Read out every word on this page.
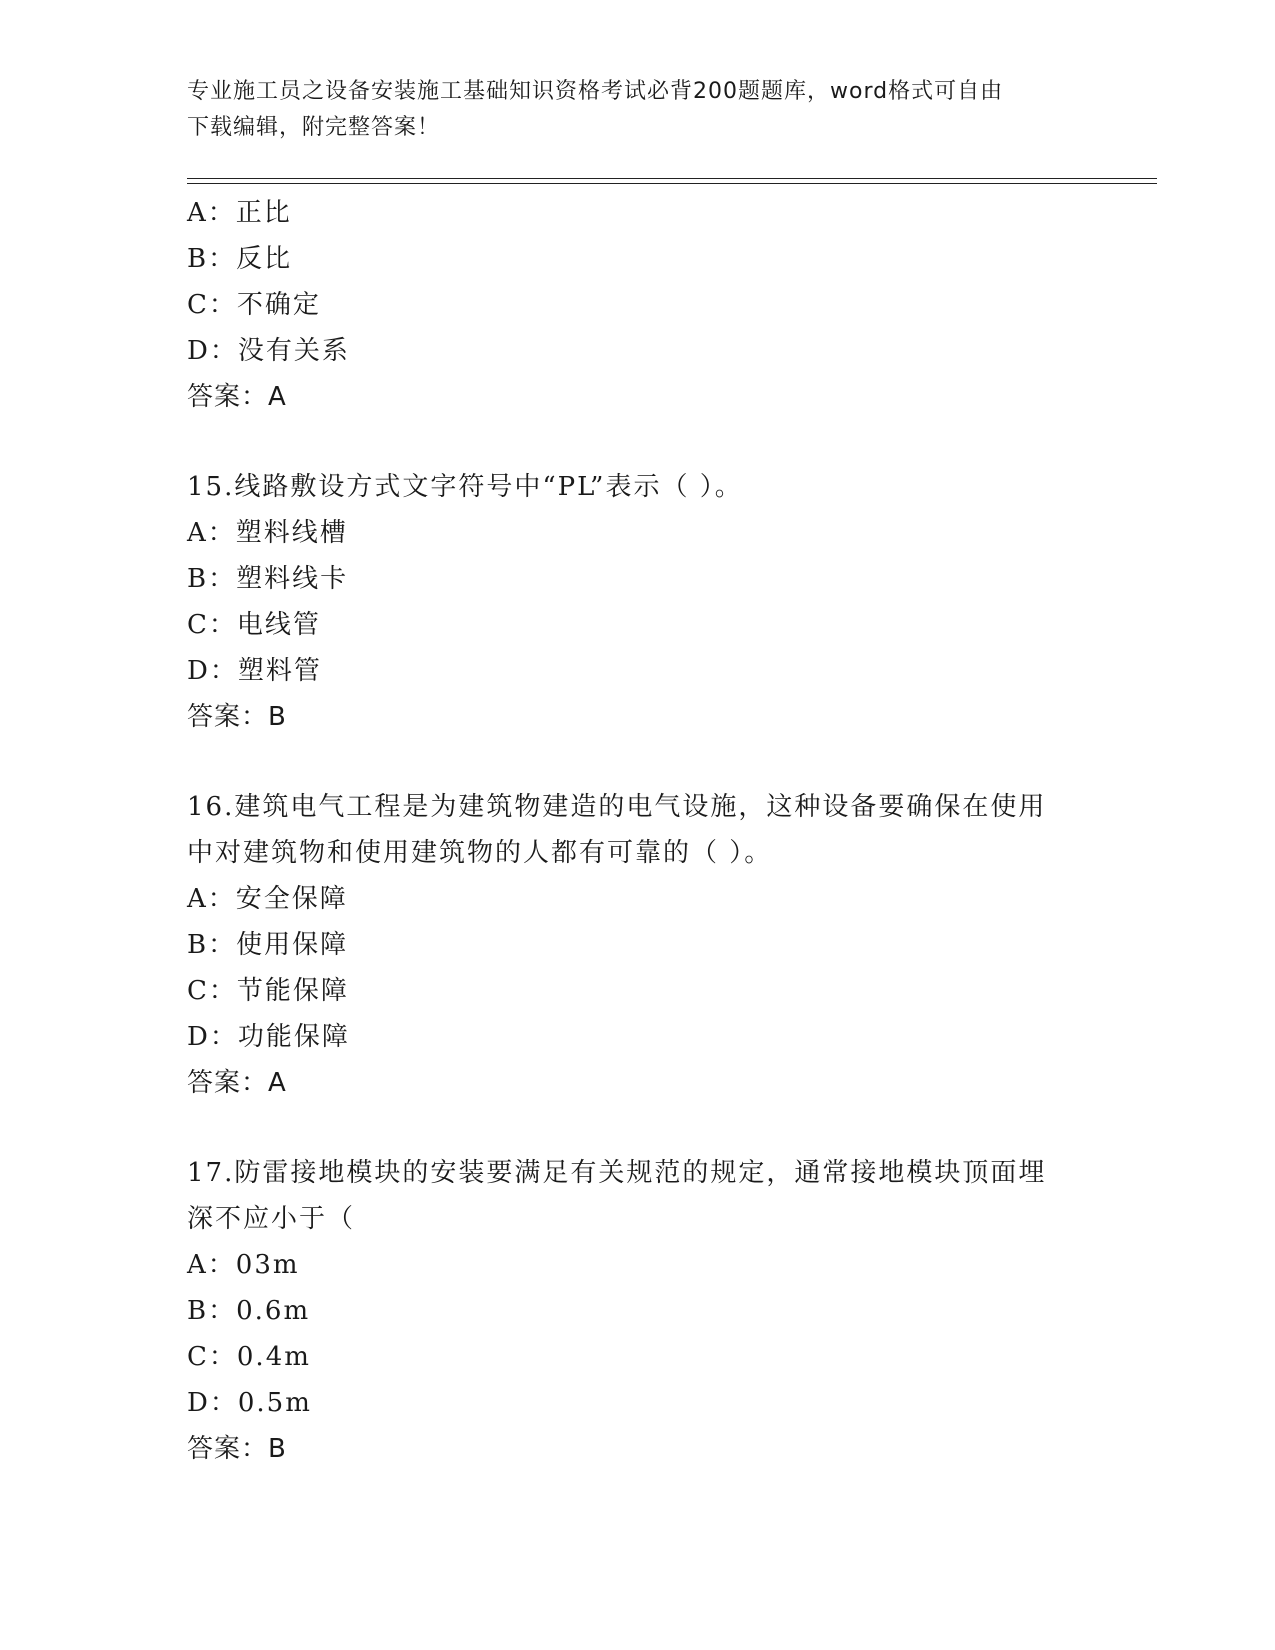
专业施工员之设备安装施工基础知识资格考试必背200题题库，word格式可自由
下载编辑，附完整答案！
A：正比
B：反比
C：不确定
D：没有关系
答案：A
15.线路敷设方式文字符号中“PL”表示（ ）。
A：塑料线槽
B：塑料线卡
C：电线管
D：塑料管
答案：B
16.建筑电气工程是为建筑物建造的电气设施，这种设备要确保在使用
中对建筑物和使用建筑物的人都有可靠的（ ）。
A：安全保障
B：使用保障
C：节能保障
D：功能保障
答案：A
17.防雷接地模块的安装要满足有关规范的规定，通常接地模块顶面埋
深不应小于（
A：03m
B：0.6m
C：0.4m
D：0.5m
答案：B
